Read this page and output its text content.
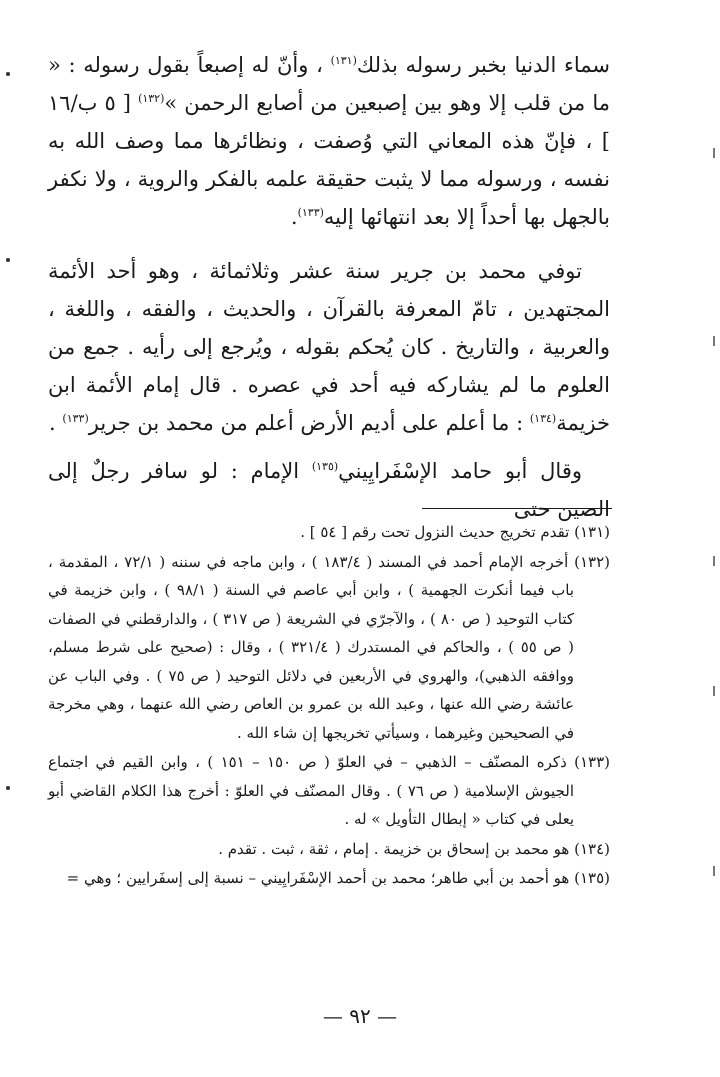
سماء الدنيا بخبر رسوله بذلك$^{(١٣١)}$ ، وأنّ له إصبعاً بقول رسوله : « ما من قلب إلا وهو بين إصبعين من أصابع الرحمن »$^{(١٣٢)}$ [ ٥ ب/١٦ ] ، فإنّ هذه المعاني التي وُصفت ، ونظائرها مما وصف الله به نفسه ، ورسوله مما لا يثبت حقيقة علمه بالفكر والروية ، ولا نكفر بالجهل بها أحداً إلا بعد انتهائها إليه$^{(١٣٣)}$.

توفي محمد بن جرير سنة عشر وثلاثمائة ، وهو أحد الأئمة المجتهدين ، تامّ المعرفة بالقرآن ، والحديث ، والفقه ، واللغة ، والعربية ، والتاريخ . كان يُحكم بقوله ، ويُرجع إلى رأيه . جمع من العلوم ما لم يشاركه فيه أحد في عصره . قال إمام الأئمة ابن خزيمة$^{(١٣٤)}$ : ما أعلم على أديم الأرض أعلم من محمد بن جرير$^{(١٣٣)}$ .

وقال أبو حامد الإسْفَرايِيني$^{(١٣٥)}$ الإمام : لو سافر رجلٌ إلى الصين حتى

(١٣١) تقدم تخريج حديث النزول تحت رقم [ ٥٤ ] .

(١٣٢) أخرجه الإمام أحمد في المسند ( ١٨٣/٤ ) ، وابن ماجه في سننه ( ٧٢/١ ، المقدمة ، باب فيما أنكرت الجهمية ) ، وابن أبي عاصم في السنة ( ٩٨/١ ) ، وابن خزيمة في كتاب التوحيد ( ص ٨٠ ) ، والآجرّي في الشريعة ( ص ٣١٧ ) ، والدارقطني في الصفات ( ص ٥٥ ) ، والحاكم في المستدرك ( ٣٢١/٤ ) ، وقال : (صحيح على شرط مسلم، ووافقه الذهبي)، والهروي في الأربعين في دلائل التوحيد ( ص ٧٥ ) . وفي الباب عن عائشة رضي الله عنها ، وعبد الله بن عمرو بن العاص رضي الله عنهما ، وهي مخرجة في الصحيحين وغيرهما ، وسيأتي تخريجها إن شاء الله .

(١٣٣) ذكره المصنّف – الذهبي – في العلوّ ( ص ١٥٠ – ١٥١ ) ، وابن القيم في اجتماع الجيوش الإسلامية ( ص ٧٦ ) . وقال المصنّف في العلوّ : أخرج هذا الكلام القاضي أبو يعلى في كتاب « إبطال التأويل » له .

(١٣٤) هو محمد بن إسحاق بن خزيمة . إمام ، ثقة ، ثبت . تقدم .

(١٣٥) هو أحمد بن أبي طاهر؛ محمد بن أحمد الإسْفَرايِيني – نسبة إلى إسفَرايين ؛ وهي =

— ٩٢ —
